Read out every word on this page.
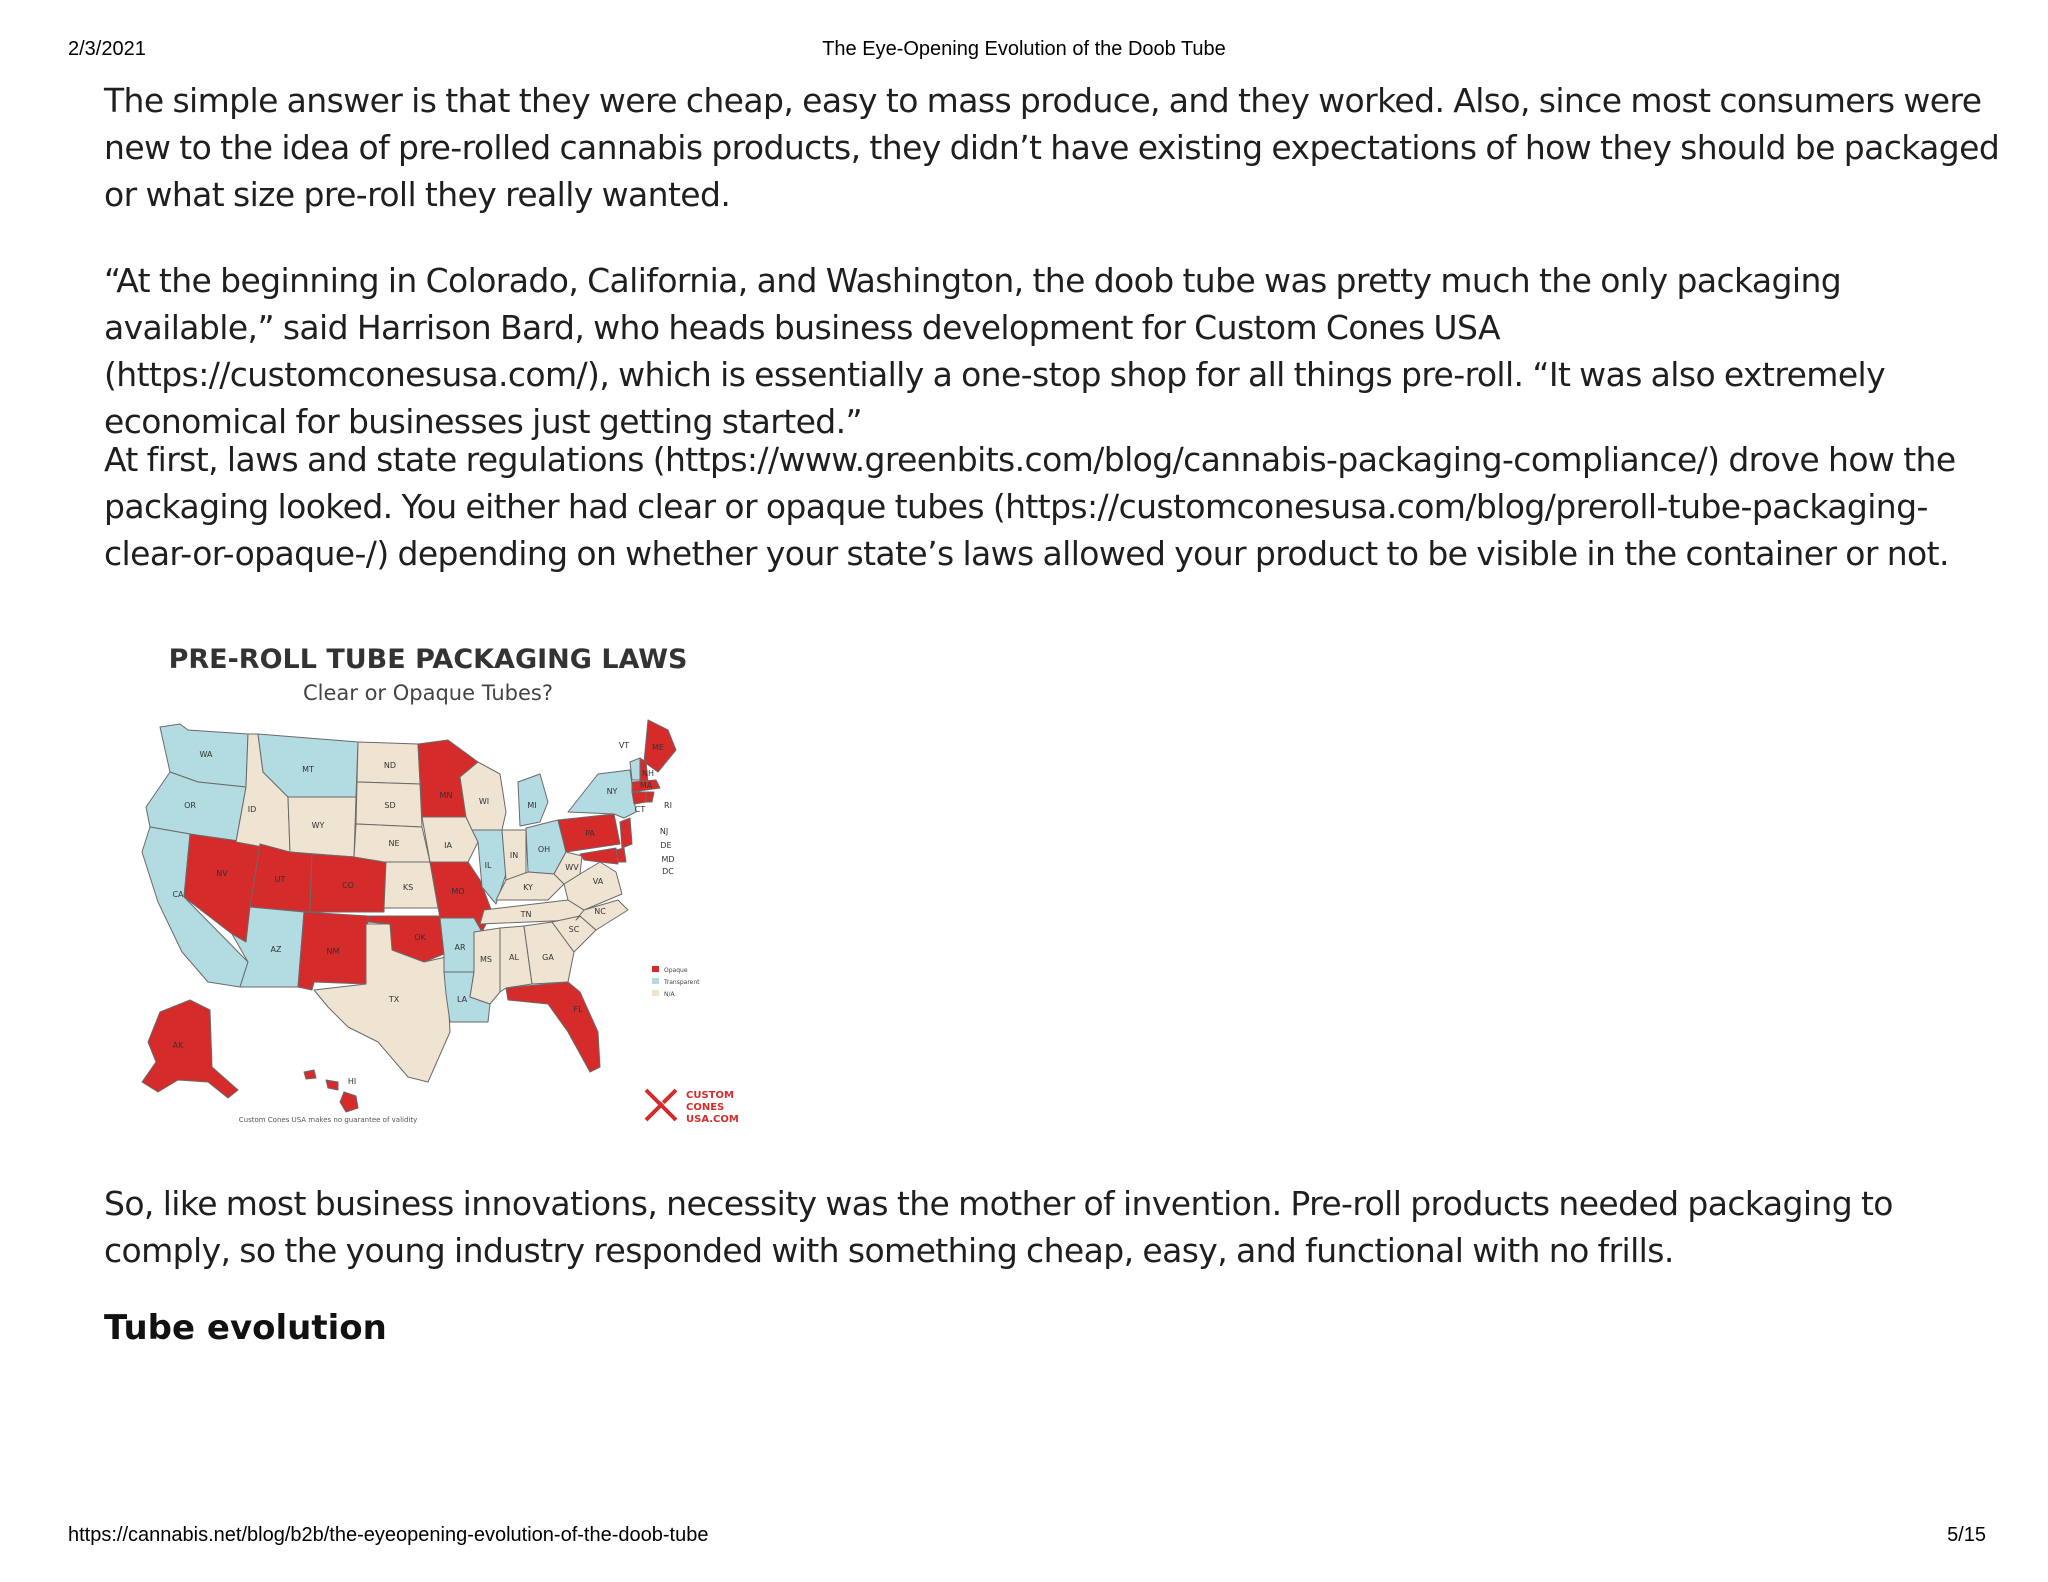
2/3/2021	The Eye-Opening Evolution of the Doob Tube

The simple answer is that they were cheap, easy to mass produce, and they worked. Also, since most consumers were new to the idea of pre-rolled cannabis products, they didn’t have existing expectations of how they should be packaged or what size pre-roll they really wanted.

“At the beginning in Colorado, California, and Washington, the doob tube was pretty much the only packaging available,” said Harrison Bard, who heads business development for Custom Cones USA (https://customconesusa.com/), which is essentially a one-stop shop for all things pre-roll. “It was also extremely economical for businesses just getting started.”

At first, laws and state regulations (https://www.greenbits.com/blog/cannabis-packaging-compliance/) drove how the packaging looked. You either had clear or opaque tubes (https://customconesusa.com/blog/preroll-tube-packaging-clear-or-opaque-/) depending on whether your state’s laws allowed your product to be visible in the container or not.

PRE-ROLL TUBE PACKAGING LAWS
Clear or Opaque Tubes?
WA
OR
CA
NV
ID
MT
WY
UT
CO
AZ	NM
ND
SD
NE
KS
OK
TX
MN
IA
MO
AR
LA
WI
IL
MI
IN
OH
KY
TN
MS AL	GA
FL
SC
NC
VA
WV
PA
NY
ME
VT
NH
MA
RI
CT
NJ
DE
MD
DC
AK
HI
Opaque
Transparent
N/A
Custom Cones USA makes no guarantee of validity
CUSTOM
CONES
USA.COM

So, like most business innovations, necessity was the mother of invention. Pre-roll products needed packaging to comply, so the young industry responded with something cheap, easy, and functional with no frills.

Tube evolution
https://cannabis.net/blog/b2b/the-eyeopening-evolution-of-the-doob-tube	5/15
